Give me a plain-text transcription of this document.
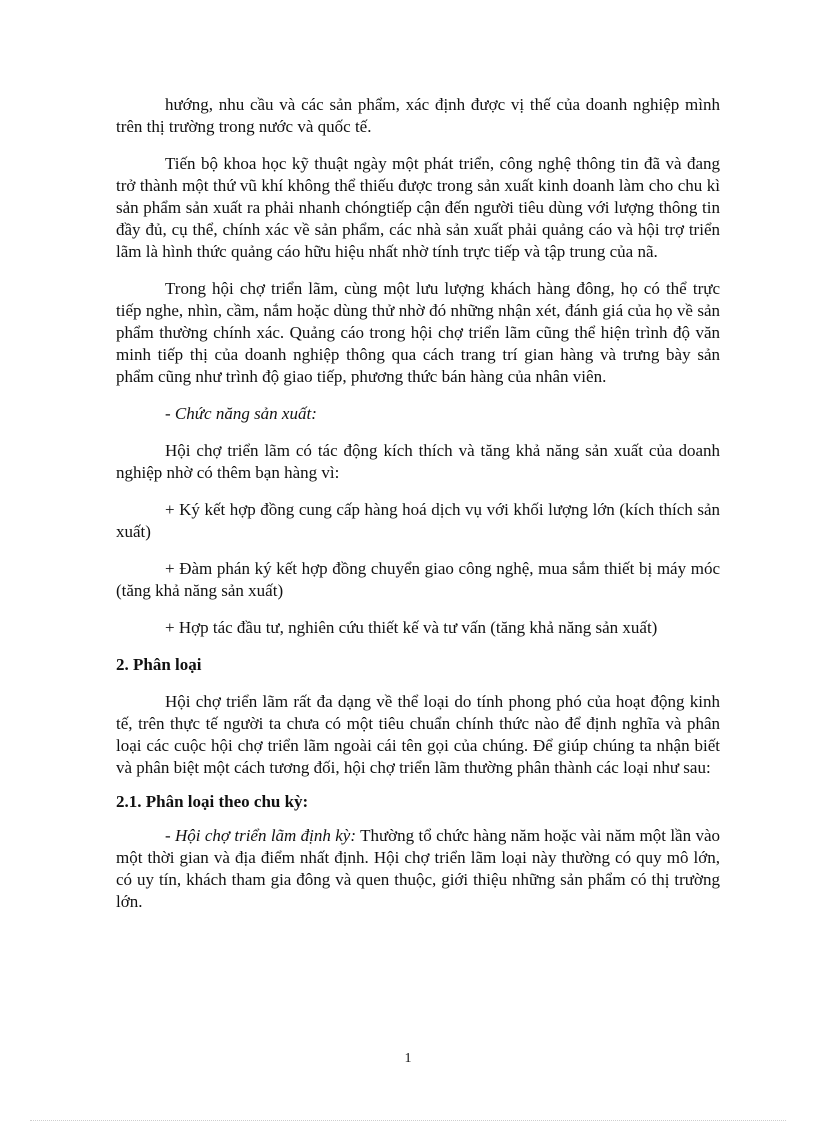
hướng, nhu cầu và các sản phẩm, xác định được vị thế của doanh nghiệp mình trên thị trường trong nước và quốc tế.

Tiến bộ khoa học kỹ thuật ngày một phát triển, công nghệ thông tin đã và đang trở thành một thứ vũ khí không thể thiếu được trong sản xuất kinh doanh làm cho chu kì sản phẩm sản xuất ra phải nhanh chóngtiếp cận đến người tiêu dùng với lượng thông tin đầy đủ, cụ thể, chính xác về sản phẩm, các nhà sản xuất phải quảng cáo và hội trợ triển lãm là hình thức quảng cáo hữu hiệu nhất nhờ tính trực tiếp và tập trung của nã.

Trong hội chợ triển lãm, cùng một lưu lượng khách hàng đông, họ có thể trực tiếp nghe, nhìn, cầm, nắm hoặc dùng thử nhờ đó những nhận xét, đánh giá của họ về sản phẩm thường chính xác. Quảng cáo trong hội chợ triển lãm cũng thể hiện trình độ văn minh tiếp thị của doanh nghiệp thông qua cách trang trí gian hàng và trưng bày sản phẩm cũng như trình độ giao tiếp, phương thức bán hàng của nhân viên.

- Chức năng sản xuất:

Hội chợ triển lãm có tác động kích thích và tăng khả năng sản xuất của doanh nghiệp nhờ có thêm bạn hàng vì:

+ Ký kết hợp đồng cung cấp hàng hoá dịch vụ với khối lượng lớn (kích thích sản xuất)

+ Đàm phán ký kết hợp đồng chuyển giao công nghệ, mua sắm thiết bị máy móc (tăng khả năng sản xuất)

+ Hợp tác đầu tư, nghiên cứu thiết kế và tư vấn (tăng khả năng sản xuất)

2. Phân loại

Hội chợ triển lãm rất đa dạng về thể loại do tính phong phó của hoạt động kinh tế, trên thực tế người ta chưa có một tiêu chuẩn chính thức nào để định nghĩa và phân loại các cuộc hội chợ triển lãm ngoài cái tên gọi của chúng. Để giúp chúng ta nhận biết và phân biệt một cách tương đối, hội chợ triển lãm thường phân thành các loại như sau:

2.1. Phân loại theo chu kỳ:

- Hội chợ triển lãm định kỳ: Thường tổ chức hàng năm hoặc vài năm một lần vào một thời gian và địa điểm nhất định. Hội chợ triển lãm loại này thường có quy mô lớn, có uy tín, khách tham gia đông và quen thuộc, giới thiệu những sản phẩm có thị trường lớn.

1
